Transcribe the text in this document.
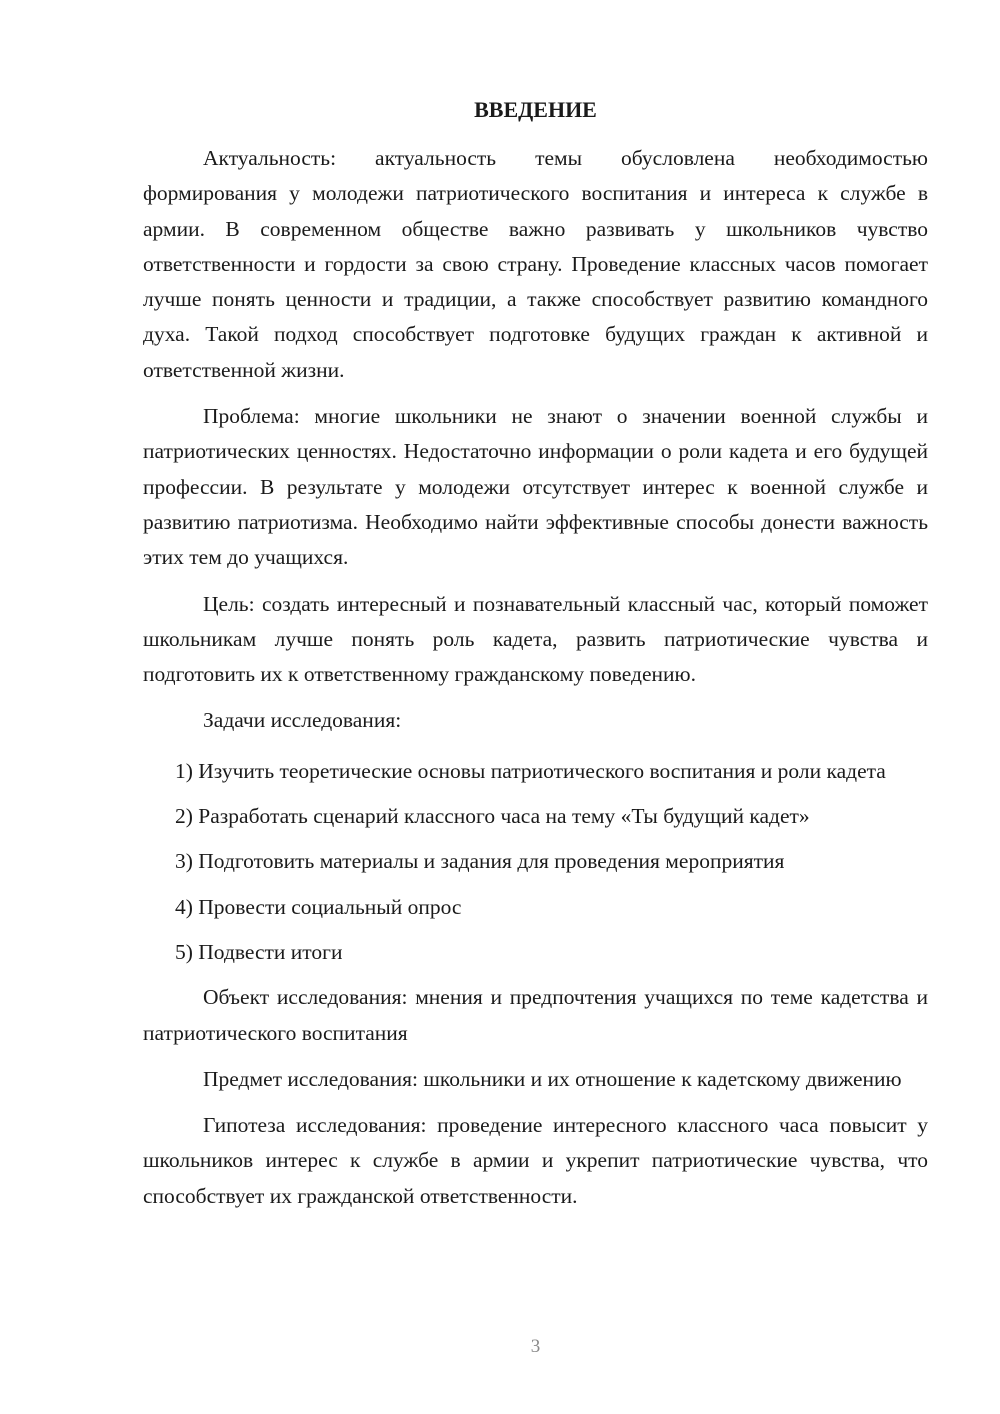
ВВЕДЕНИЕ

Актуальность: актуальность темы обусловлена необходимостью формирования у молодежи патриотического воспитания и интереса к службе в армии. В современном обществе важно развивать у школьников чувство ответственности и гордости за свою страну. Проведение классных часов помогает лучше понять ценности и традиции, а также способствует развитию командного духа. Такой подход способствует подготовке будущих граждан к активной и ответственной жизни.

Проблема: многие школьники не знают о значении военной службы и патриотических ценностях. Недостаточно информации о роли кадета и его будущей профессии. В результате у молодежи отсутствует интерес к военной службе и развитию патриотизма. Необходимо найти эффективные способы донести важность этих тем до учащихся.

Цель: создать интересный и познавательный классный час, который поможет школьникам лучше понять роль кадета, развить патриотические чувства и подготовить их к ответственному гражданскому поведению.

Задачи исследования:

1) Изучить теоретические основы патриотического воспитания и роли кадета

2) Разработать сценарий классного часа на тему «Ты будущий кадет»

3) Подготовить материалы и задания для проведения мероприятия

4) Провести социальный опрос

5) Подвести итоги

Объект исследования: мнения и предпочтения учащихся по теме кадетства и патриотического воспитания

Предмет исследования: школьники и их отношение к кадетскому движению

Гипотеза исследования: проведение интересного классного часа повысит у школьников интерес к службе в армии и укрепит патриотические чувства, что способствует их гражданской ответственности.

3
